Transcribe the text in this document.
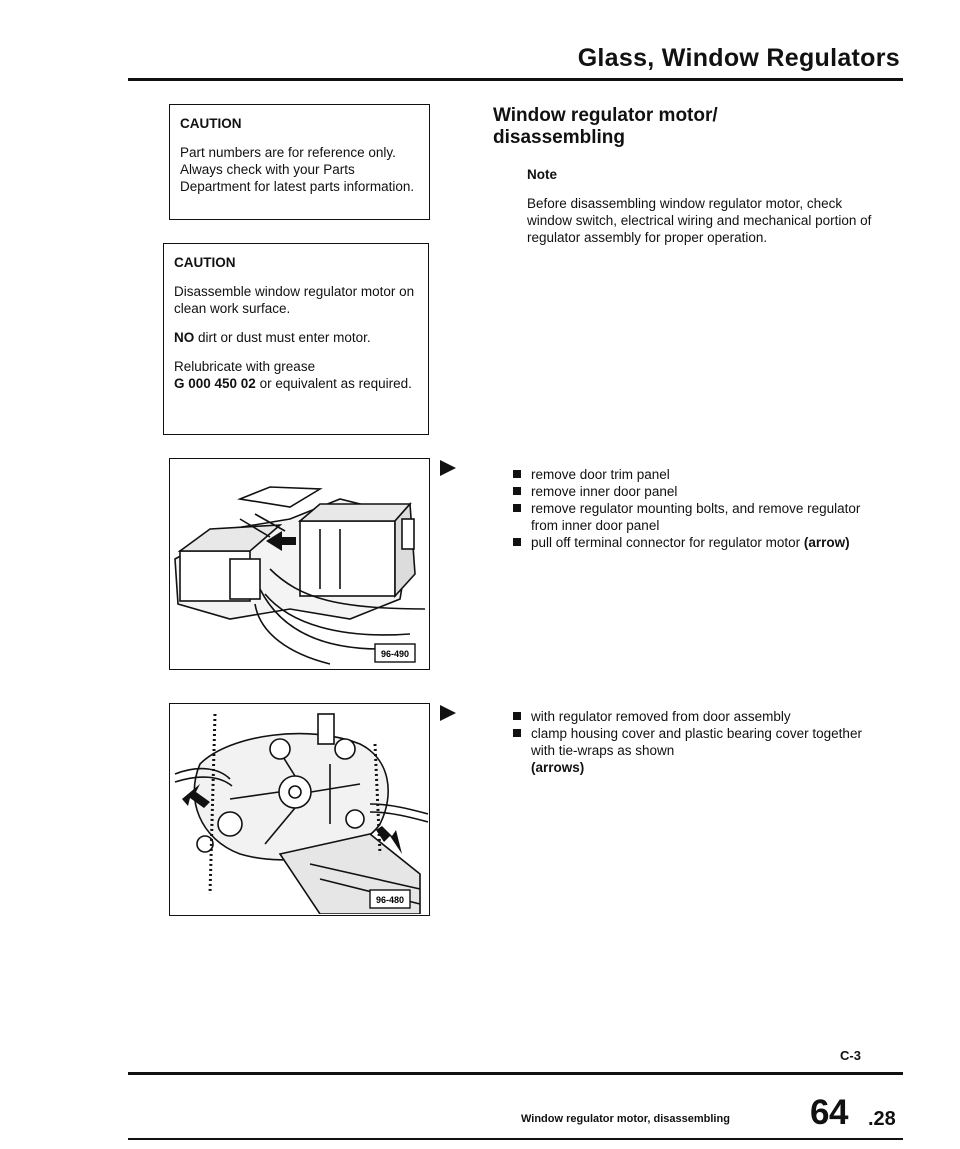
Glass, Window Regulators
CAUTION

Part numbers are for reference only. Always check with your Parts Department for latest parts information.

CAUTION

Disassemble window regulator motor on clean work surface.

NO dirt or dust must enter motor.

Relubricate with grease
G 000 450 02 or equivalent as required.

Window regulator motor/ disassembling
Note
Before disassembling window regulator motor, check window switch, electrical wiring and mechanical portion of regulator assembly for proper operation.
96-490
96-480
remove door trim panel
remove inner door panel
remove regulator mounting bolts, and remove regulator from inner door panel
pull off terminal connector for regulator motor (arrow)
with regulator removed from door assembly
clamp housing cover and plastic bearing cover together with tie-wraps as shown
(arrows)
C-3
Window regulator motor, disassembling 64 .28
